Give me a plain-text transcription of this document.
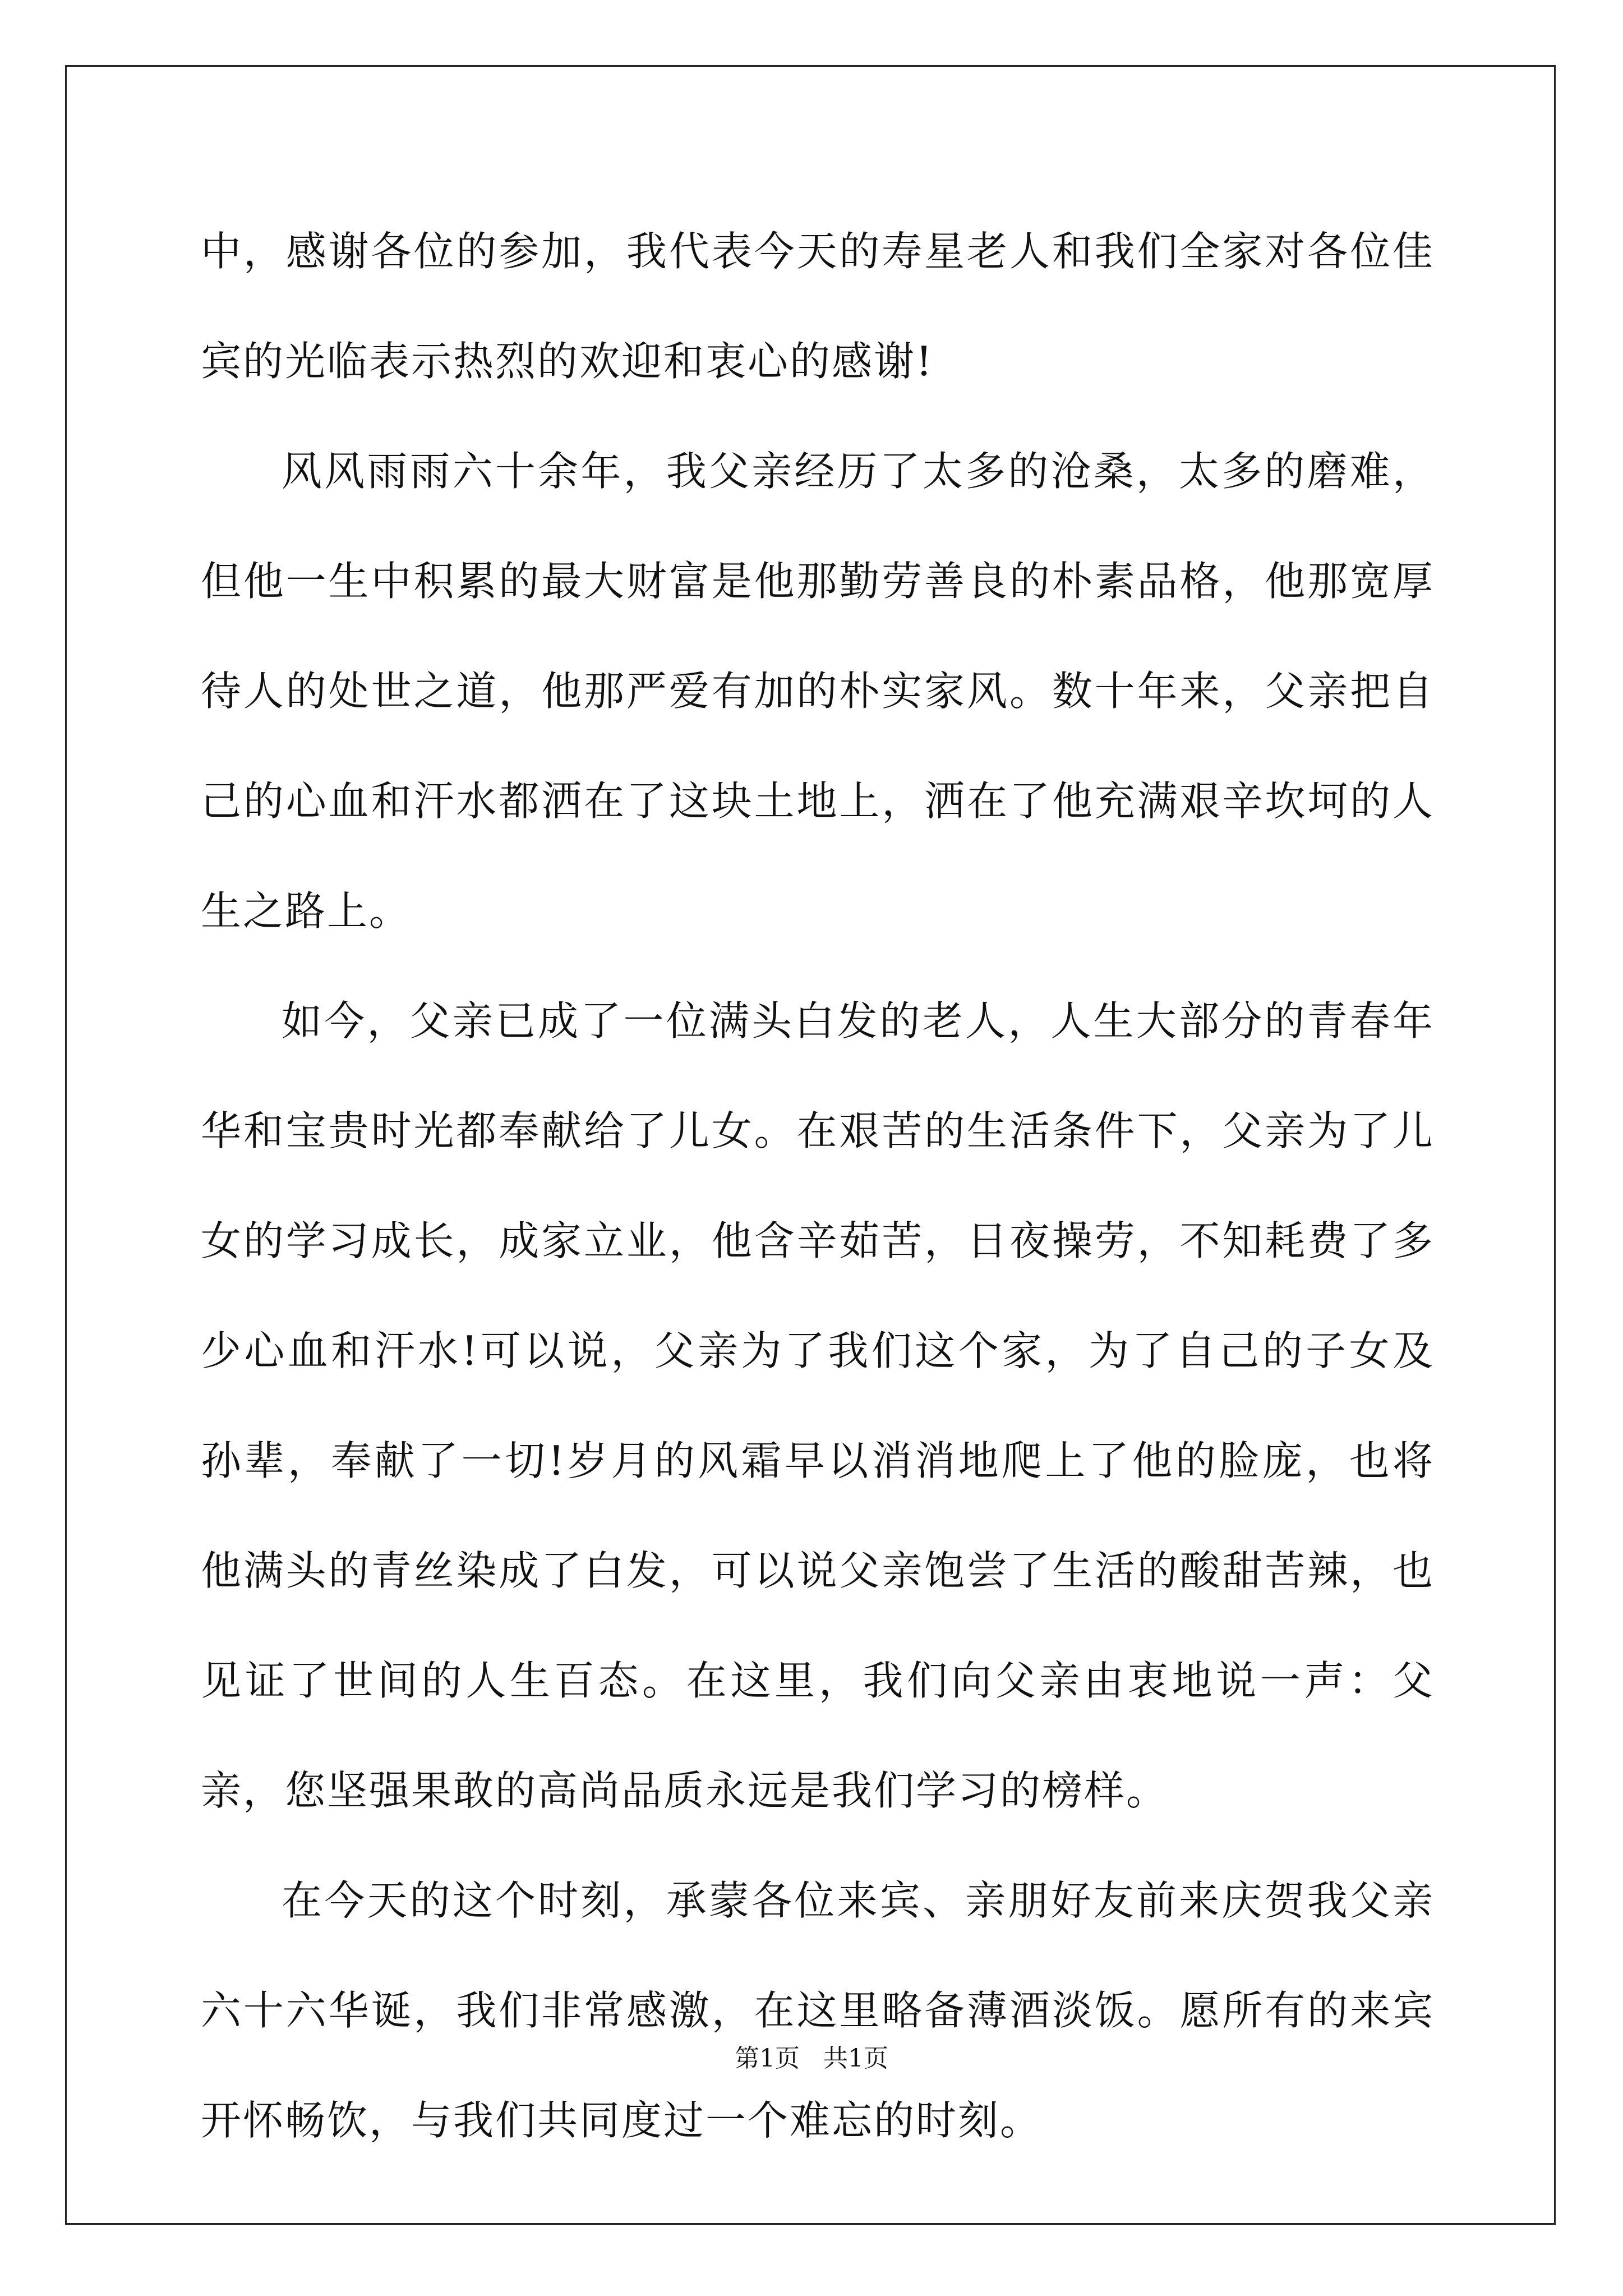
中，感谢各位的参加，我代表今天的寿星老人和我们全家对各位佳宾的光临表示热烈的欢迎和衷心的感谢!

风风雨雨六十余年，我父亲经历了太多的沧桑，太多的磨难，但他一生中积累的最大财富是他那勤劳善良的朴素品格，他那宽厚待人的处世之道，他那严爱有加的朴实家风。数十年来，父亲把自己的心血和汗水都洒在了这块土地上，洒在了他充满艰辛坎坷的人生之路上。

如今，父亲已成了一位满头白发的老人，人生大部分的青春年华和宝贵时光都奉献给了儿女。在艰苦的生活条件下，父亲为了儿女的学习成长，成家立业，他含辛茹苦，日夜操劳，不知耗费了多少心血和汗水!可以说，父亲为了我们这个家，为了自己的子女及孙辈，奉献了一切!岁月的风霜早以消消地爬上了他的脸庞，也将他满头的青丝染成了白发，可以说父亲饱尝了生活的酸甜苦辣，也见证了世间的人生百态。在这里，我们向父亲由衷地说一声：父亲，您坚强果敢的高尚品质永远是我们学习的榜样。

在今天的这个时刻，承蒙各位来宾、亲朋好友前来庆贺我父亲六十六华诞，我们非常感激，在这里略备薄酒淡饭。愿所有的来宾开怀畅饮，与我们共同度过一个难忘的时刻。

第1页   共1页
